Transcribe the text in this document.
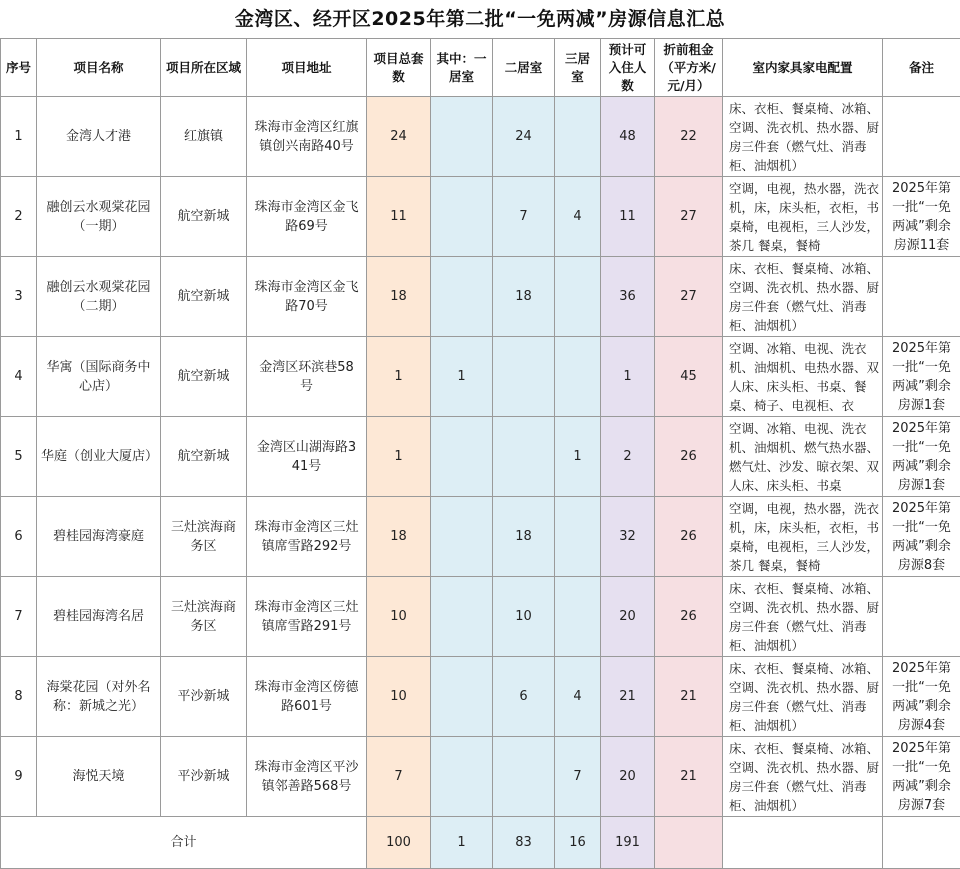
金湾区、经开区2025年第二批“一免两减”房源信息汇总
序号	项目名称	项目所在区域	项目地址	项目总套数	其中：一居室	二居室	三居室	预计可入住人数	折前租金（平方米/元/月）	室内家具家电配置	备注
1	金湾人才港	红旗镇	珠海市金湾区红旗镇创兴南路40号	24		24		48	22	床、衣柜、餐桌椅、冰箱、空调、洗衣机、热水器、厨房三件套（燃气灶、消毒柜、油烟机）	

2	融创云水观棠花园（一期）	航空新城	珠海市金湾区金飞路69号	11		7	4	11	27	空调，电视，热水器，洗衣机，床，床头柜，衣柜，书桌椅，电视柜，三人沙发，茶几 餐桌，餐椅	2025年第一批“一免两减”剩余房源11套
3	融创云水观棠花园（二期）	航空新城	珠海市金湾区金飞路70号	18		18		36	27	床、衣柜、餐桌椅、冰箱、空调、洗衣机、热水器、厨房三件套（燃气灶、消毒柜、油烟机）	

4	华寓（国际商务中心店）	航空新城	金湾区环滨巷58号	1	1			1	45	空调、冰箱、电视、洗衣机、油烟机、电热水器、双人床、床头柜、书桌、餐桌、椅子、电视柜、衣	2025年第一批“一免两减”剩余房源1套
5	华庭（创业大厦店）	航空新城	金湾区山湖海路341号	1			1	2	26	空调、冰箱、电视、洗衣机、油烟机、燃气热水器、燃气灶、沙发、晾衣架、双人床、床头柜、书桌	2025年第一批“一免两减”剩余房源1套
6	碧桂园海湾豪庭	三灶滨海商务区	珠海市金湾区三灶镇席雪路292号	18		18		32	26	空调，电视，热水器，洗衣机，床，床头柜，衣柜，书桌椅，电视柜，三人沙发，茶几 餐桌，餐椅	2025年第一批“一免两减”剩余房源8套
7	碧桂园海湾名居	三灶滨海商务区	珠海市金湾区三灶镇席雪路291号	10		10		20	26	床、衣柜、餐桌椅、冰箱、空调、洗衣机、热水器、厨房三件套（燃气灶、消毒柜、油烟机）	

8	海棠花园（对外名称：新城之光）	平沙新城	珠海市金湾区傍德路601号	10		6	4	21	21	床、衣柜、餐桌椅、冰箱、空调、洗衣机、热水器、厨房三件套（燃气灶、消毒柜、油烟机）	2025年第一批“一免两减”剩余房源4套
9	海悦天境	平沙新城	珠海市金湾区平沙镇邻善路568号	7			7	20	21	床、衣柜、餐桌椅、冰箱、空调、洗衣机、热水器、厨房三件套（燃气灶、消毒柜、油烟机）	2025年第一批“一免两减”剩余房源7套
合计				100	1	83	16	191			
